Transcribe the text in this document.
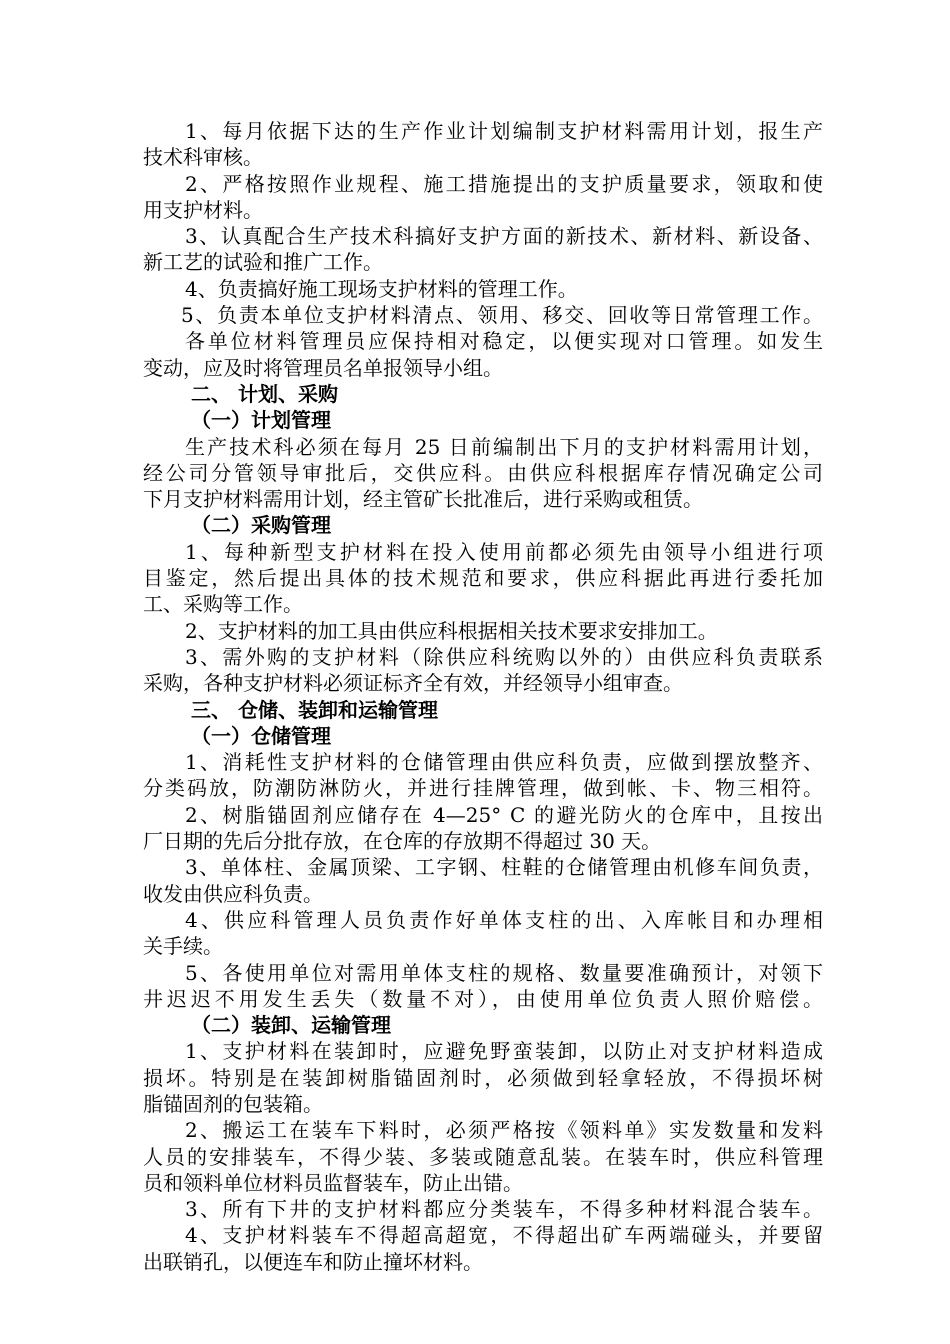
1、每月依据下达的生产作业计划编制支护材料需用计划，报生产
技术科审核。
2、严格按照作业规程、施工措施提出的支护质量要求，领取和使
用支护材料。
3、认真配合生产技术科搞好支护方面的新技术、新材料、新设备、
新工艺的试验和推广工作。
4、负责搞好施工现场支护材料的管理工作。
5、负责本单位支护材料清点、领用、移交、回收等日常管理工作。
各单位材料管理员应保持相对稳定，以便实现对口管理。如发生
变动，应及时将管理员名单报领导小组。
二、 计划、采购
（一）计划管理
生产技术科必须在每月 25 日前编制出下月的支护材料需用计划，
经公司分管领导审批后，交供应科。由供应科根据库存情况确定公司
下月支护材料需用计划，经主管矿长批准后，进行采购或租赁。
（二）采购管理
1、每种新型支护材料在投入使用前都必须先由领导小组进行项
目鉴定，然后提出具体的技术规范和要求，供应科据此再进行委托加
工、采购等工作。
2、支护材料的加工具由供应科根据相关技术要求安排加工。
3、需外购的支护材料（除供应科统购以外的）由供应科负责联系
采购，各种支护材料必须证标齐全有效，并经领导小组审查。
三、 仓储、装卸和运输管理
（一）仓储管理
1、消耗性支护材料的仓储管理由供应科负责，应做到摆放整齐、
分类码放，防潮防淋防火，并进行挂牌管理，做到帐、卡、物三相符。
2、树脂锚固剂应储存在 4—25° C 的避光防火的仓库中，且按出
厂日期的先后分批存放，在仓库的存放期不得超过 30 天。
3、单体柱、金属顶梁、工字钢、柱鞋的仓储管理由机修车间负责，
收发由供应科负责。
4、供应科管理人员负责作好单体支柱的出、入库帐目和办理相
关手续。
5、各使用单位对需用单体支柱的规格、数量要准确预计，对领下
井迟迟不用发生丢失（数量不对），由使用单位负责人照价赔偿。
（二）装卸、运输管理
1、支护材料在装卸时，应避免野蛮装卸，以防止对支护材料造成
损坏。特别是在装卸树脂锚固剂时，必须做到轻拿轻放，不得损坏树
脂锚固剂的包装箱。
2、搬运工在装车下料时，必须严格按《领料单》实发数量和发料
人员的安排装车，不得少装、多装或随意乱装。在装车时，供应科管理
员和领料单位材料员监督装车，防止出错。
3、所有下井的支护材料都应分类装车，不得多种材料混合装车。
4、支护材料装车不得超高超宽，不得超出矿车两端碰头，并要留
出联销孔，以便连车和防止撞坏材料。
